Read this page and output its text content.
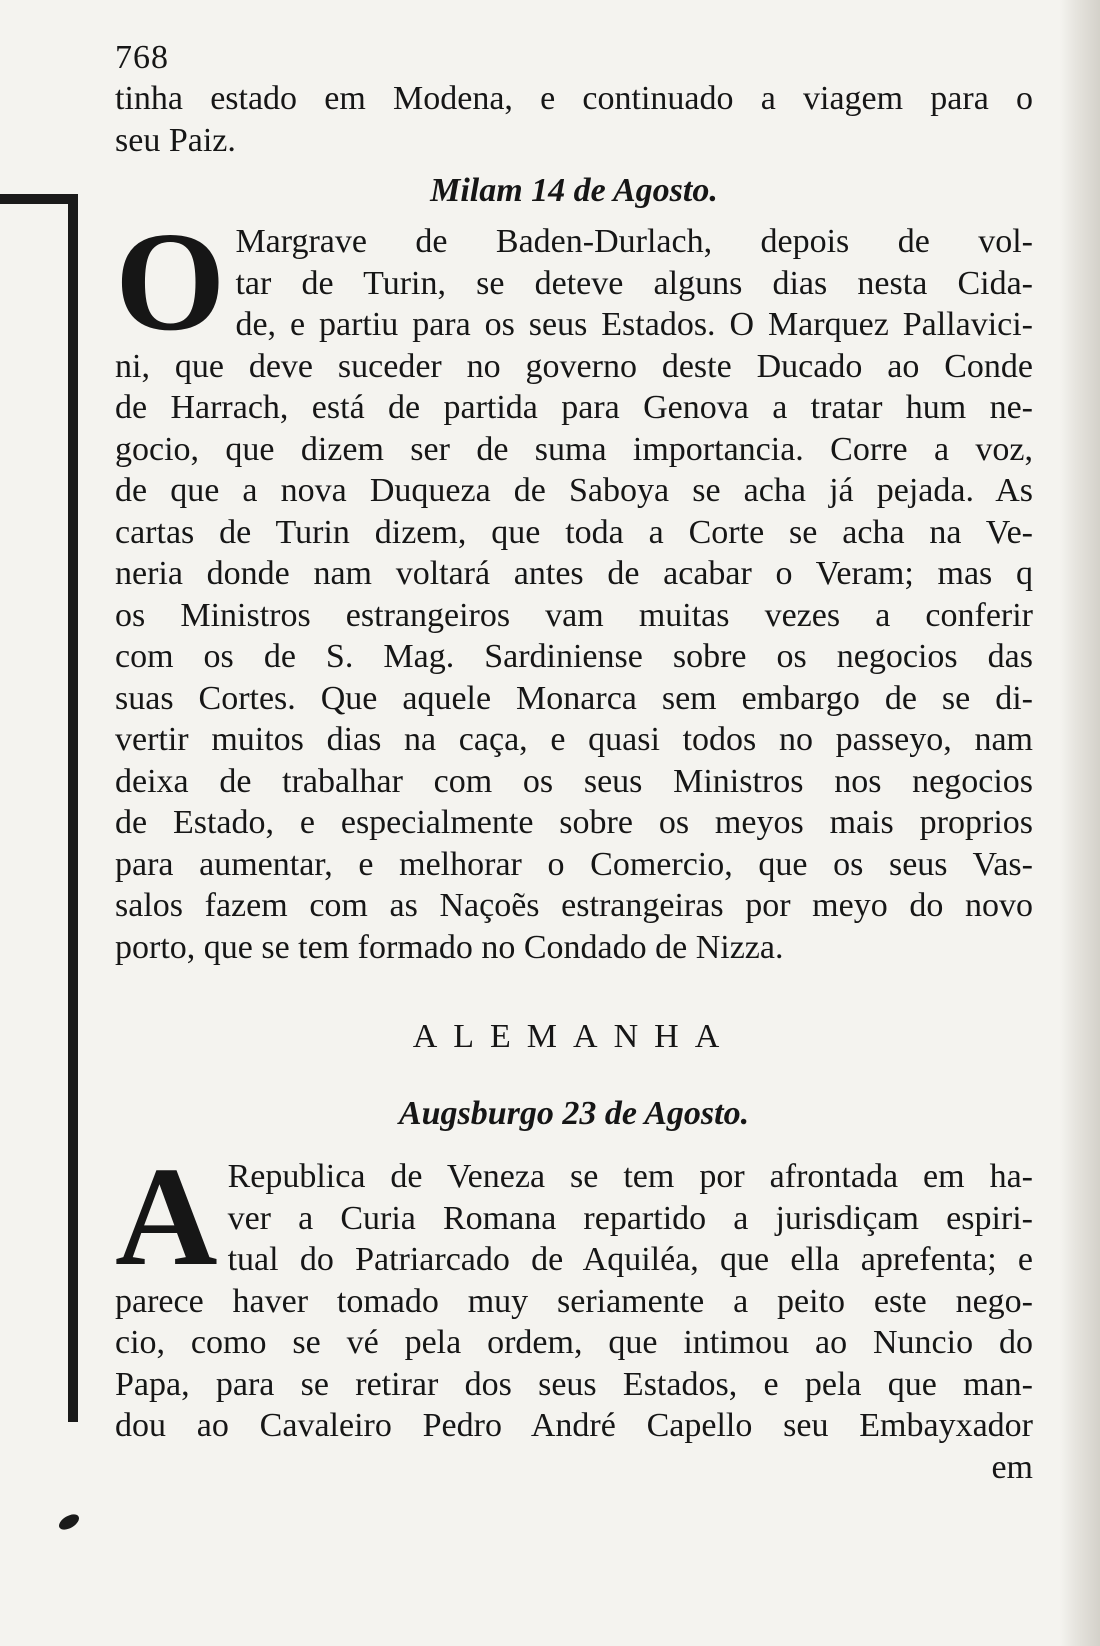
768
tinha estado em Modena, e continuado a viagem para o
seu Paiz.
Milam 14 de Agosto.
O Margrave de Baden-Durlach, depois de vol-
tar de Turin, se deteve alguns dias nesta Cida-
de, e partiu para os seus Estados. O Marquez Pallavici-
ni, que deve suceder no governo deste Ducado ao Conde
de Harrach, está de partida para Genova a tratar hum ne-
gocio, que dizem ser de suma importancia. Corre a voz,
de que a nova Duqueza de Saboya se acha já pejada. As
cartas de Turin dizem, que toda a Corte se acha na Ve-
neria donde nam voltará antes de acabar o Veram; mas q
os Ministros estrangeiros vam muitas vezes a conferir
com os de S. Mag. Sardiniense sobre os negocios das
suas Cortes. Que aquele Monarca sem embargo de se di-
vertir muitos dias na caça, e quasi todos no passeyo, nam
deixa de trabalhar com os seus Ministros nos negocios
de Estado, e especialmente sobre os meyos mais proprios
para aumentar, e melhorar o Comercio, que os seus Vas-
salos fazem com as Naçoẽs estrangeiras por meyo do novo
porto, que se tem formado no Condado de Nizza.
ALEMANHA
Augsburgo 23 de Agosto.
A Republica de Veneza se tem por afrontada em ha-
ver a Curia Romana repartido a jurisdiçam espiri-
tual do Patriarcado de Aquiléa, que ella aprefenta; e
parece haver tomado muy seriamente a peito este nego-
cio, como se vé pela ordem, que intimou ao Nuncio do
Papa, para se retirar dos seus Estados, e pela que man-
dou ao Cavaleiro Pedro André Capello seu Embayxador
em
